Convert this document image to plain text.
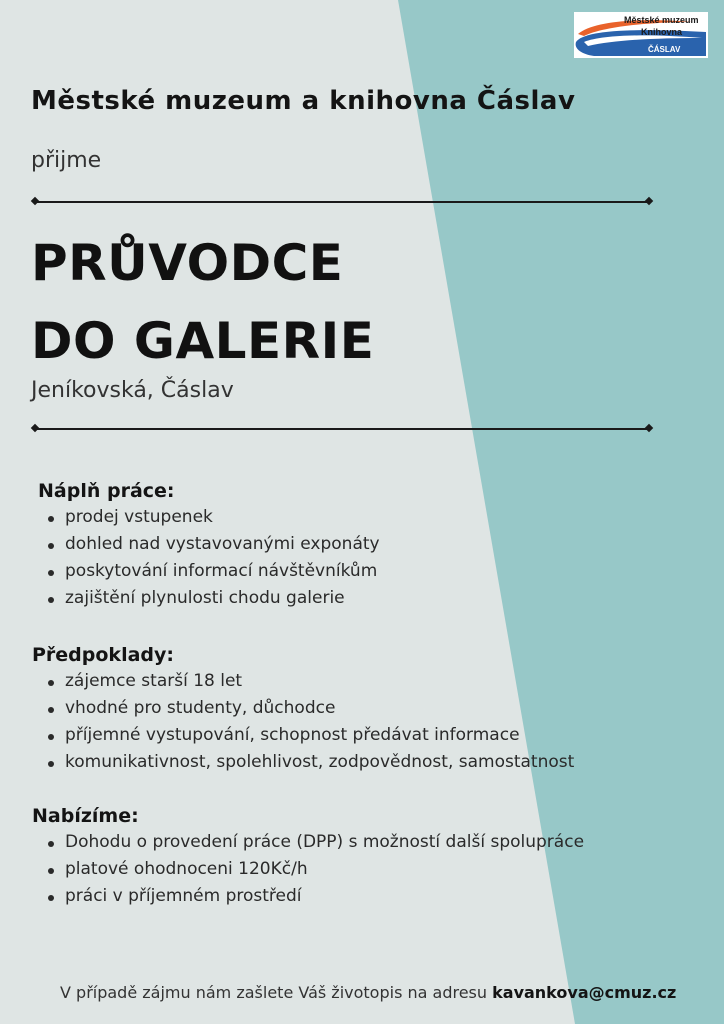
Městské muzeum
Knihovna
ČÁSLAV
Městské muzeum a knihovna Čáslav
přijme
PRŮVODCE
DO GALERIE
Jeníkovská, Čáslav
Náplň práce:
prodej vstupenek
dohled nad vystavovanými exponáty
poskytování informací návštěvníkům
zajištění plynulosti chodu galerie
Předpoklady:
zájemce starší 18 let
vhodné pro studenty, důchodce
příjemné vystupování, schopnost předávat informace
komunikativnost, spolehlivost, zodpovědnost, samostatnost
Nabízíme:
Dohodu o provedení práce (DPP) s možností další spolupráce
platové ohodnoceni 120Kč/h
práci v příjemném prostředí
V případě zájmu nám zašlete Váš životopis na adresu kavankova@cmuz.cz
